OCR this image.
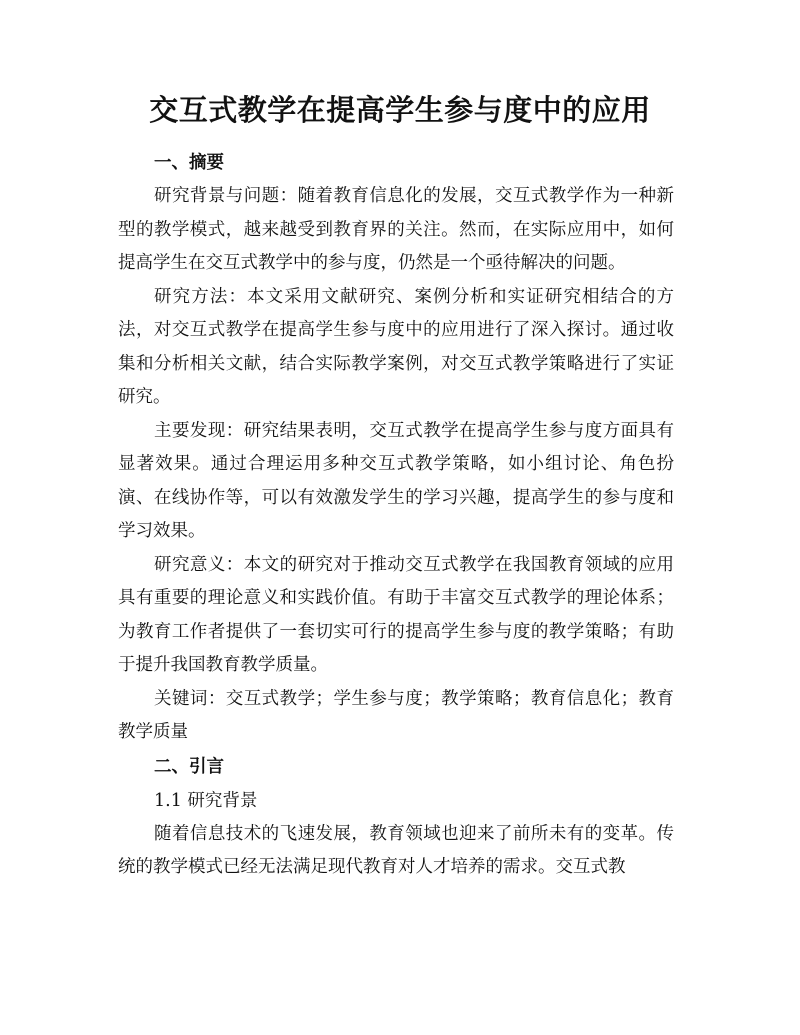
交互式教学在提高学生参与度中的应用

一、摘要

研究背景与问题：随着教育信息化的发展，交互式教学作为一种新型的教学模式，越来越受到教育界的关注。然而，在实际应用中，如何提高学生在交互式教学中的参与度，仍然是一个亟待解决的问题。

研究方法：本文采用文献研究、案例分析和实证研究相结合的方法，对交互式教学在提高学生参与度中的应用进行了深入探讨。通过收集和分析相关文献，结合实际教学案例，对交互式教学策略进行了实证研究。

主要发现：研究结果表明，交互式教学在提高学生参与度方面具有显著效果。通过合理运用多种交互式教学策略，如小组讨论、角色扮演、在线协作等，可以有效激发学生的学习兴趣，提高学生的参与度和学习效果。

研究意义：本文的研究对于推动交互式教学在我国教育领域的应用具有重要的理论意义和实践价值。有助于丰富交互式教学的理论体系；为教育工作者提供了一套切实可行的提高学生参与度的教学策略；有助于提升我国教育教学质量。

关键词：交互式教学；学生参与度；教学策略；教育信息化；教育教学质量

二、引言

1.1 研究背景

随着信息技术的飞速发展，教育领域也迎来了前所未有的变革。传统的教学模式已经无法满足现代教育对人才培养的需求。交互式教
